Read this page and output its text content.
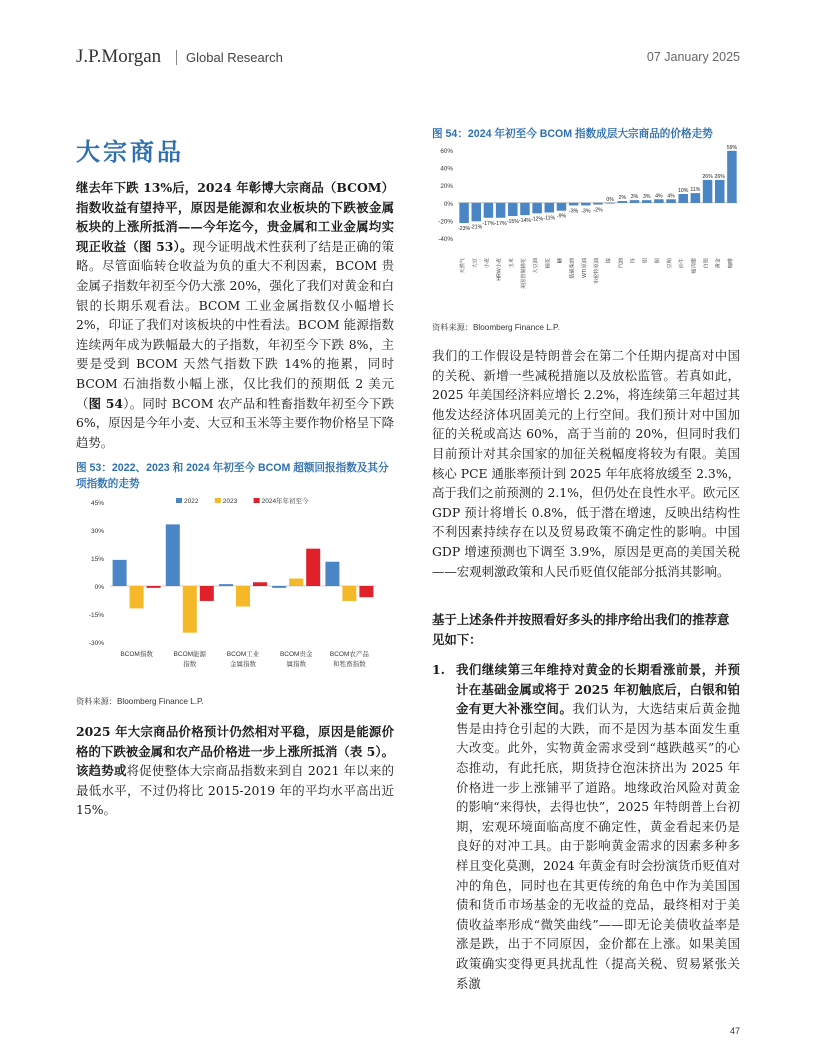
J.P.Morgan Global Research	07 January 2025
大宗商品

继去年下跌 13%后，2024 年彰博大宗商品（BCOM）指数收益有望持平，原因是能源和农业板块的下跌被金属板块的上涨所抵消——今年迄今，贵金属和工业金属均实现正收益（图 53）。现今证明战术性获利了结是正确的策略。尽管面临转仓收益为负的重大不利因素，BCOM 贵金属子指数年初至今仍大涨 20%，强化了我们对黄金和白银的长期乐观看法。BCOM 工业金属指数仅小幅增长 2%，印证了我们对该板块的中性看法。BCOM 能源指数连续两年成为跌幅最大的子指数，年初至今下跌 8%，主要是受到 BCOM 天然气指数下跌 14%的拖累，同时 BCOM 石油指数小幅上涨，仅比我们的预期低 2 美元（图 54）。同时 BCOM 农产品和牲畜指数年初至今下跌 6%，原因是今年小麦、大豆和玉米等主要作物价格呈下降趋势。

图 53：2022、2023 和 2024 年初至今 BCOM 超额回报指数及其分项指数的走势

-30%
-15%
0%
15%
30%
45%
BCOM指数	BCOM能源指数
BCOM工业金属指数
BCOM贵金属指数
BCOM农产品和牲畜指数
2022	2023	2024年年初至今
资料来源：Bloomberg Finance L.P.

2025 年大宗商品价格预计仍然相对平稳，原因是能源价格的下跌被金属和农产品价格进一步上涨所抵消（表 5）。该趋势或将促使整体大宗商品指数来到自 2021 年以来的最低水平，不过仍将比 2015-2019 年的平均水平高出近 15%。

图 54：2024 年初至今 BCOM 指数成层大宗商品的价格走势

-40%
-20%
0%
20%
40%
60%
-23%
天然气
-21%
大豆
-17%
小麦
-17%
HRW小麦
-15%
玉米
-14%
美国管制棉花
-12%
大豆油
-11%
棉花
-9%
糖
-3%
低硫柴油
-3%
WTI原油
-2%
布伦特原油
0%
镍
2%
汽油
3%
锌
3%
铝
4%
铜
4%
豆粕
10%
活牛
11%
瘦肉猪
26%
白银
26%
黄金
59%
咖啡
资料来源：Bloomberg Finance L.P.

我们的工作假设是特朗普会在第二个任期内提高对中国的关税、新增一些减税措施以及放松监管。若真如此，2025 年美国经济料应增长 2.2%，将连续第三年超过其他发达经济体巩固美元的上行空间。我们预计对中国加征的关税或高达 60%，高于当前的 20%，但同时我们目前预计对其余国家的加征关税幅度将较为有限。美国核心 PCE 通胀率预计到 2025 年年底将放缓至 2.3%，高于我们之前预测的 2.1%，但仍处在良性水平。欧元区 GDP 预计将增长 0.8%，低于潜在增速，反映出结构性不利因素持续存在以及贸易政策不确定性的影响。中国 GDP 增速预测也下调至 3.9%，原因是更高的美国关税——宏观刺激政策和人民币贬值仅能部分抵消其影响。

基于上述条件并按照看好多头的排序给出我们的推荐意见如下：

1. 我们继续第三年维持对黄金的长期看涨前景，并预计在基础金属或将于 2025 年初触底后，白银和铂金有更大补涨空间。我们认为，大选结束后黄金抛售是由持仓引起的大跌，而不是因为基本面发生重大改变。此外，实物黄金需求受到“越跌越买”的心态推动，有此托底，期货持仓泡沫挤出为 2025 年价格进一步上涨铺平了道路。地缘政治风险对黄金的影响“来得快，去得也快”，2025 年特朗普上台初期，宏观环境面临高度不确定性，黄金看起来仍是良好的对冲工具。由于影响黄金需求的因素多种多样且变化莫测，2024 年黄金有时会扮演货币贬值对冲的角色，同时也在其更传统的角色中作为美国国债和货币市场基金的无收益的竞品，最终相对于美债收益率形成“微笑曲线”——即无论美债收益率是涨是跌，出于不同原因，金价都在上涨。如果美国政策确实变得更具扰乱性（提高关税、贸易紧张关系激

47
